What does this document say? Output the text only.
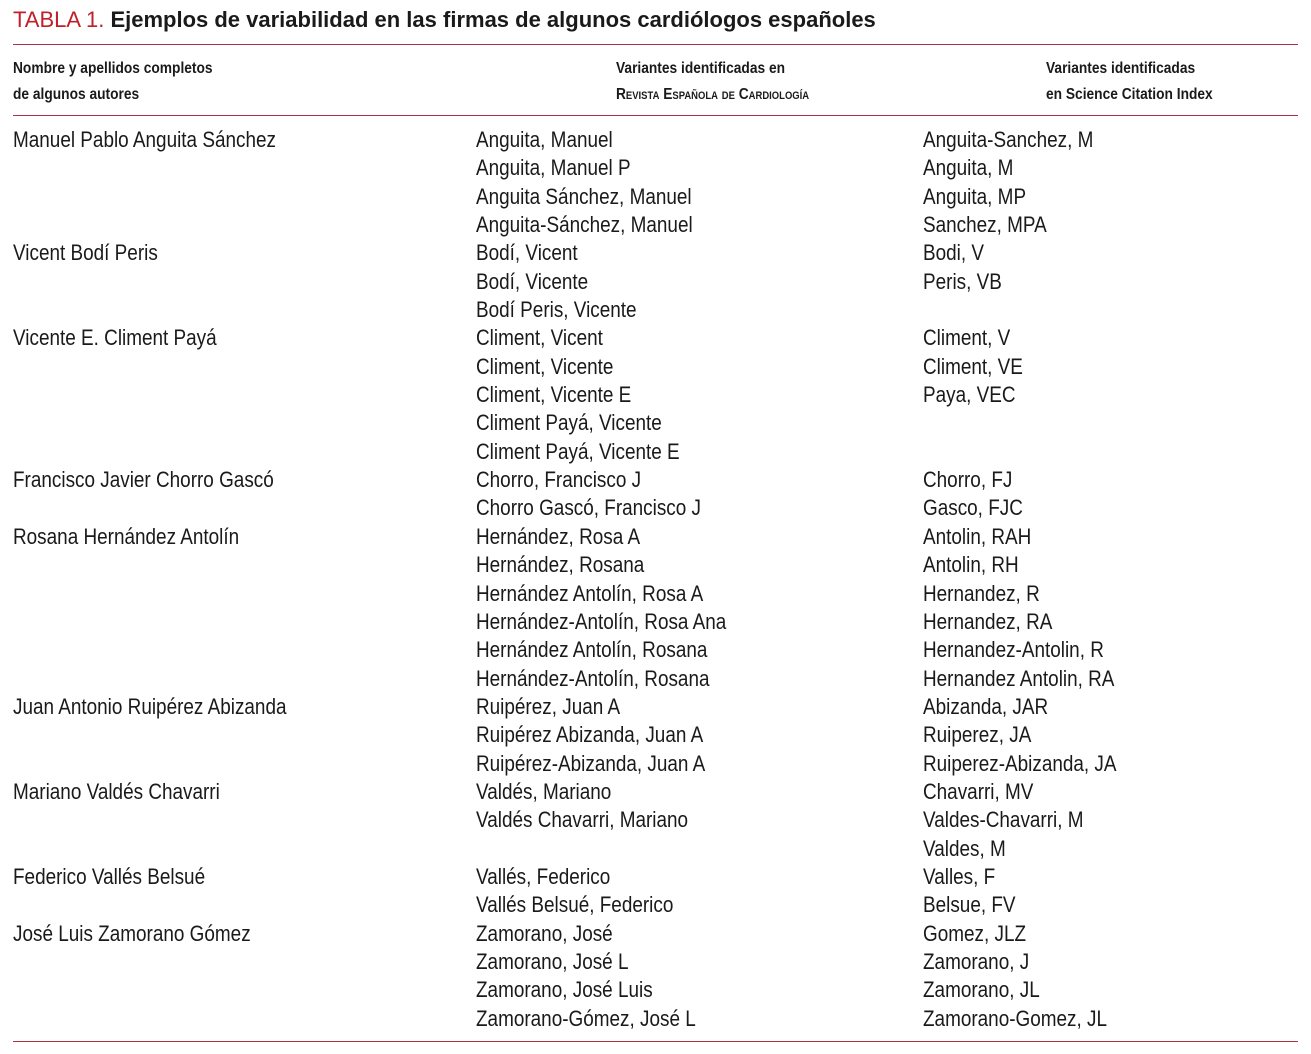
TABLA 1. Ejemplos de variabilidad en las firmas de algunos cardiólogos españoles
Nombre y apellidos completos
de algunos autores
Variantes identificadas en
Revista Española de Cardiología
Variantes identificadas
en Science Citation Index
Manuel Pablo Anguita Sánchez
Vicent Bodí Peris
Vicente E. Climent Payá
Francisco Javier Chorro Gascó
Rosana Hernández Antolín
Juan Antonio Ruipérez Abizanda
Mariano Valdés Chavarri
Federico Vallés Belsué
José Luis Zamorano Gómez
Anguita, Manuel
Anguita, Manuel P
Anguita Sánchez, Manuel
Anguita-Sánchez, Manuel
Bodí, Vicent
Bodí, Vicente
Bodí Peris, Vicente
Climent, Vicent
Climent, Vicente
Climent, Vicente E
Climent Payá, Vicente
Climent Payá, Vicente E
Chorro, Francisco J
Chorro Gascó, Francisco J
Hernández, Rosa A
Hernández, Rosana
Hernández Antolín, Rosa A
Hernández-Antolín, Rosa Ana
Hernández Antolín, Rosana
Hernández-Antolín, Rosana
Ruipérez, Juan A
Ruipérez Abizanda, Juan A
Ruipérez-Abizanda, Juan A
Valdés, Mariano
Valdés Chavarri, Mariano
Vallés, Federico
Vallés Belsué, Federico
Zamorano, José
Zamorano, José L
Zamorano, José Luis
Zamorano-Gómez, José L
Anguita-Sanchez, M
Anguita, M
Anguita, MP
Sanchez, MPA
Bodi, V
Peris, VB
Climent, V
Climent, VE
Paya, VEC
Chorro, FJ
Gasco, FJC
Antolin, RAH
Antolin, RH
Hernandez, R
Hernandez, RA
Hernandez-Antolin, R
Hernandez Antolin, RA
Abizanda, JAR
Ruiperez, JA
Ruiperez-Abizanda, JA
Chavarri, MV
Valdes-Chavarri, M
Valdes, M
Valles, F
Belsue, FV
Gomez, JLZ
Zamorano, J
Zamorano, JL
Zamorano-Gomez, JL
